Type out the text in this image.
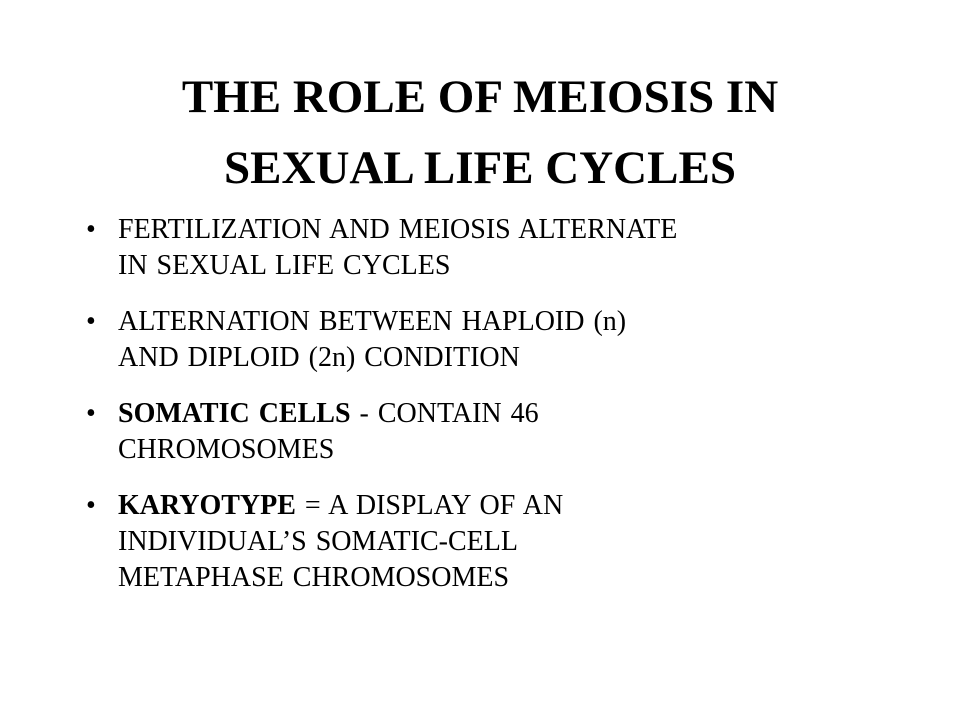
THE ROLE OF MEIOSIS IN
SEXUAL LIFE CYCLES
• FERTILIZATION AND MEIOSIS ALTERNATE
IN SEXUAL LIFE CYCLES
• ALTERNATION BETWEEN HAPLOID (n)
AND DIPLOID (2n) CONDITION
• SOMATIC CELLS - CONTAIN 46
CHROMOSOMES
• KARYOTYPE = A DISPLAY OF AN
INDIVIDUAL’S SOMATIC-CELL
METAPHASE CHROMOSOMES
